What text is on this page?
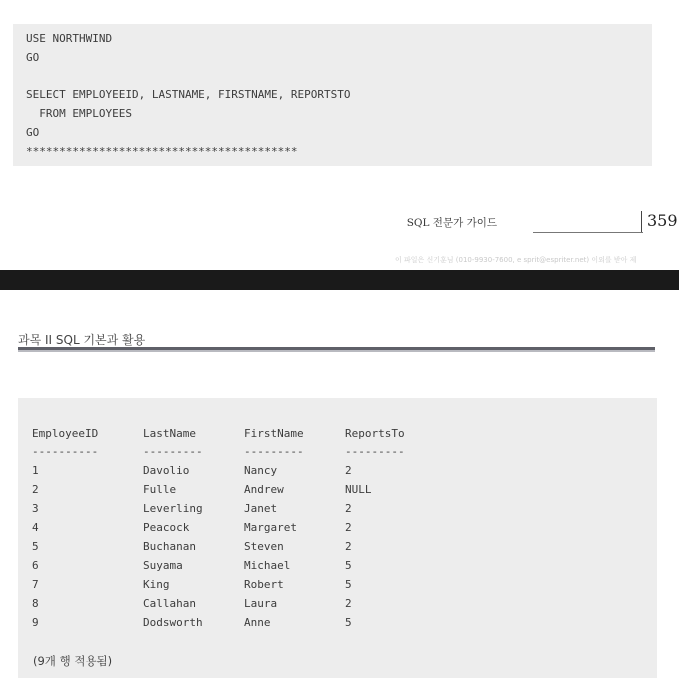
USE NORTHWIND
GO
SELECT EMPLOYEEID, LASTNAME, FIRSTNAME, REPORTSTO
FROM EMPLOYEES
GO
*****************************************
SQL 전문가 가이드	359
이 파일은 신기훈님 (010-9930-7600, e sprit@espriter.net) 이외를 받아 제
과목 II SQL 기본과 활용
EmployeeID	LastName	FirstName	ReportsTo
----------	---------	---------	---------
1	Davolio	Nancy	2
2	Fulle	Andrew	NULL
3	Leverling	Janet	2
4	Peacock	Margaret	2
5	Buchanan	Steven	2
6	Suyama	Michael	5
7	King	Robert	5
8	Callahan	Laura	2
9	Dodsworth	Anne	5
(9개 행 적용됨)
